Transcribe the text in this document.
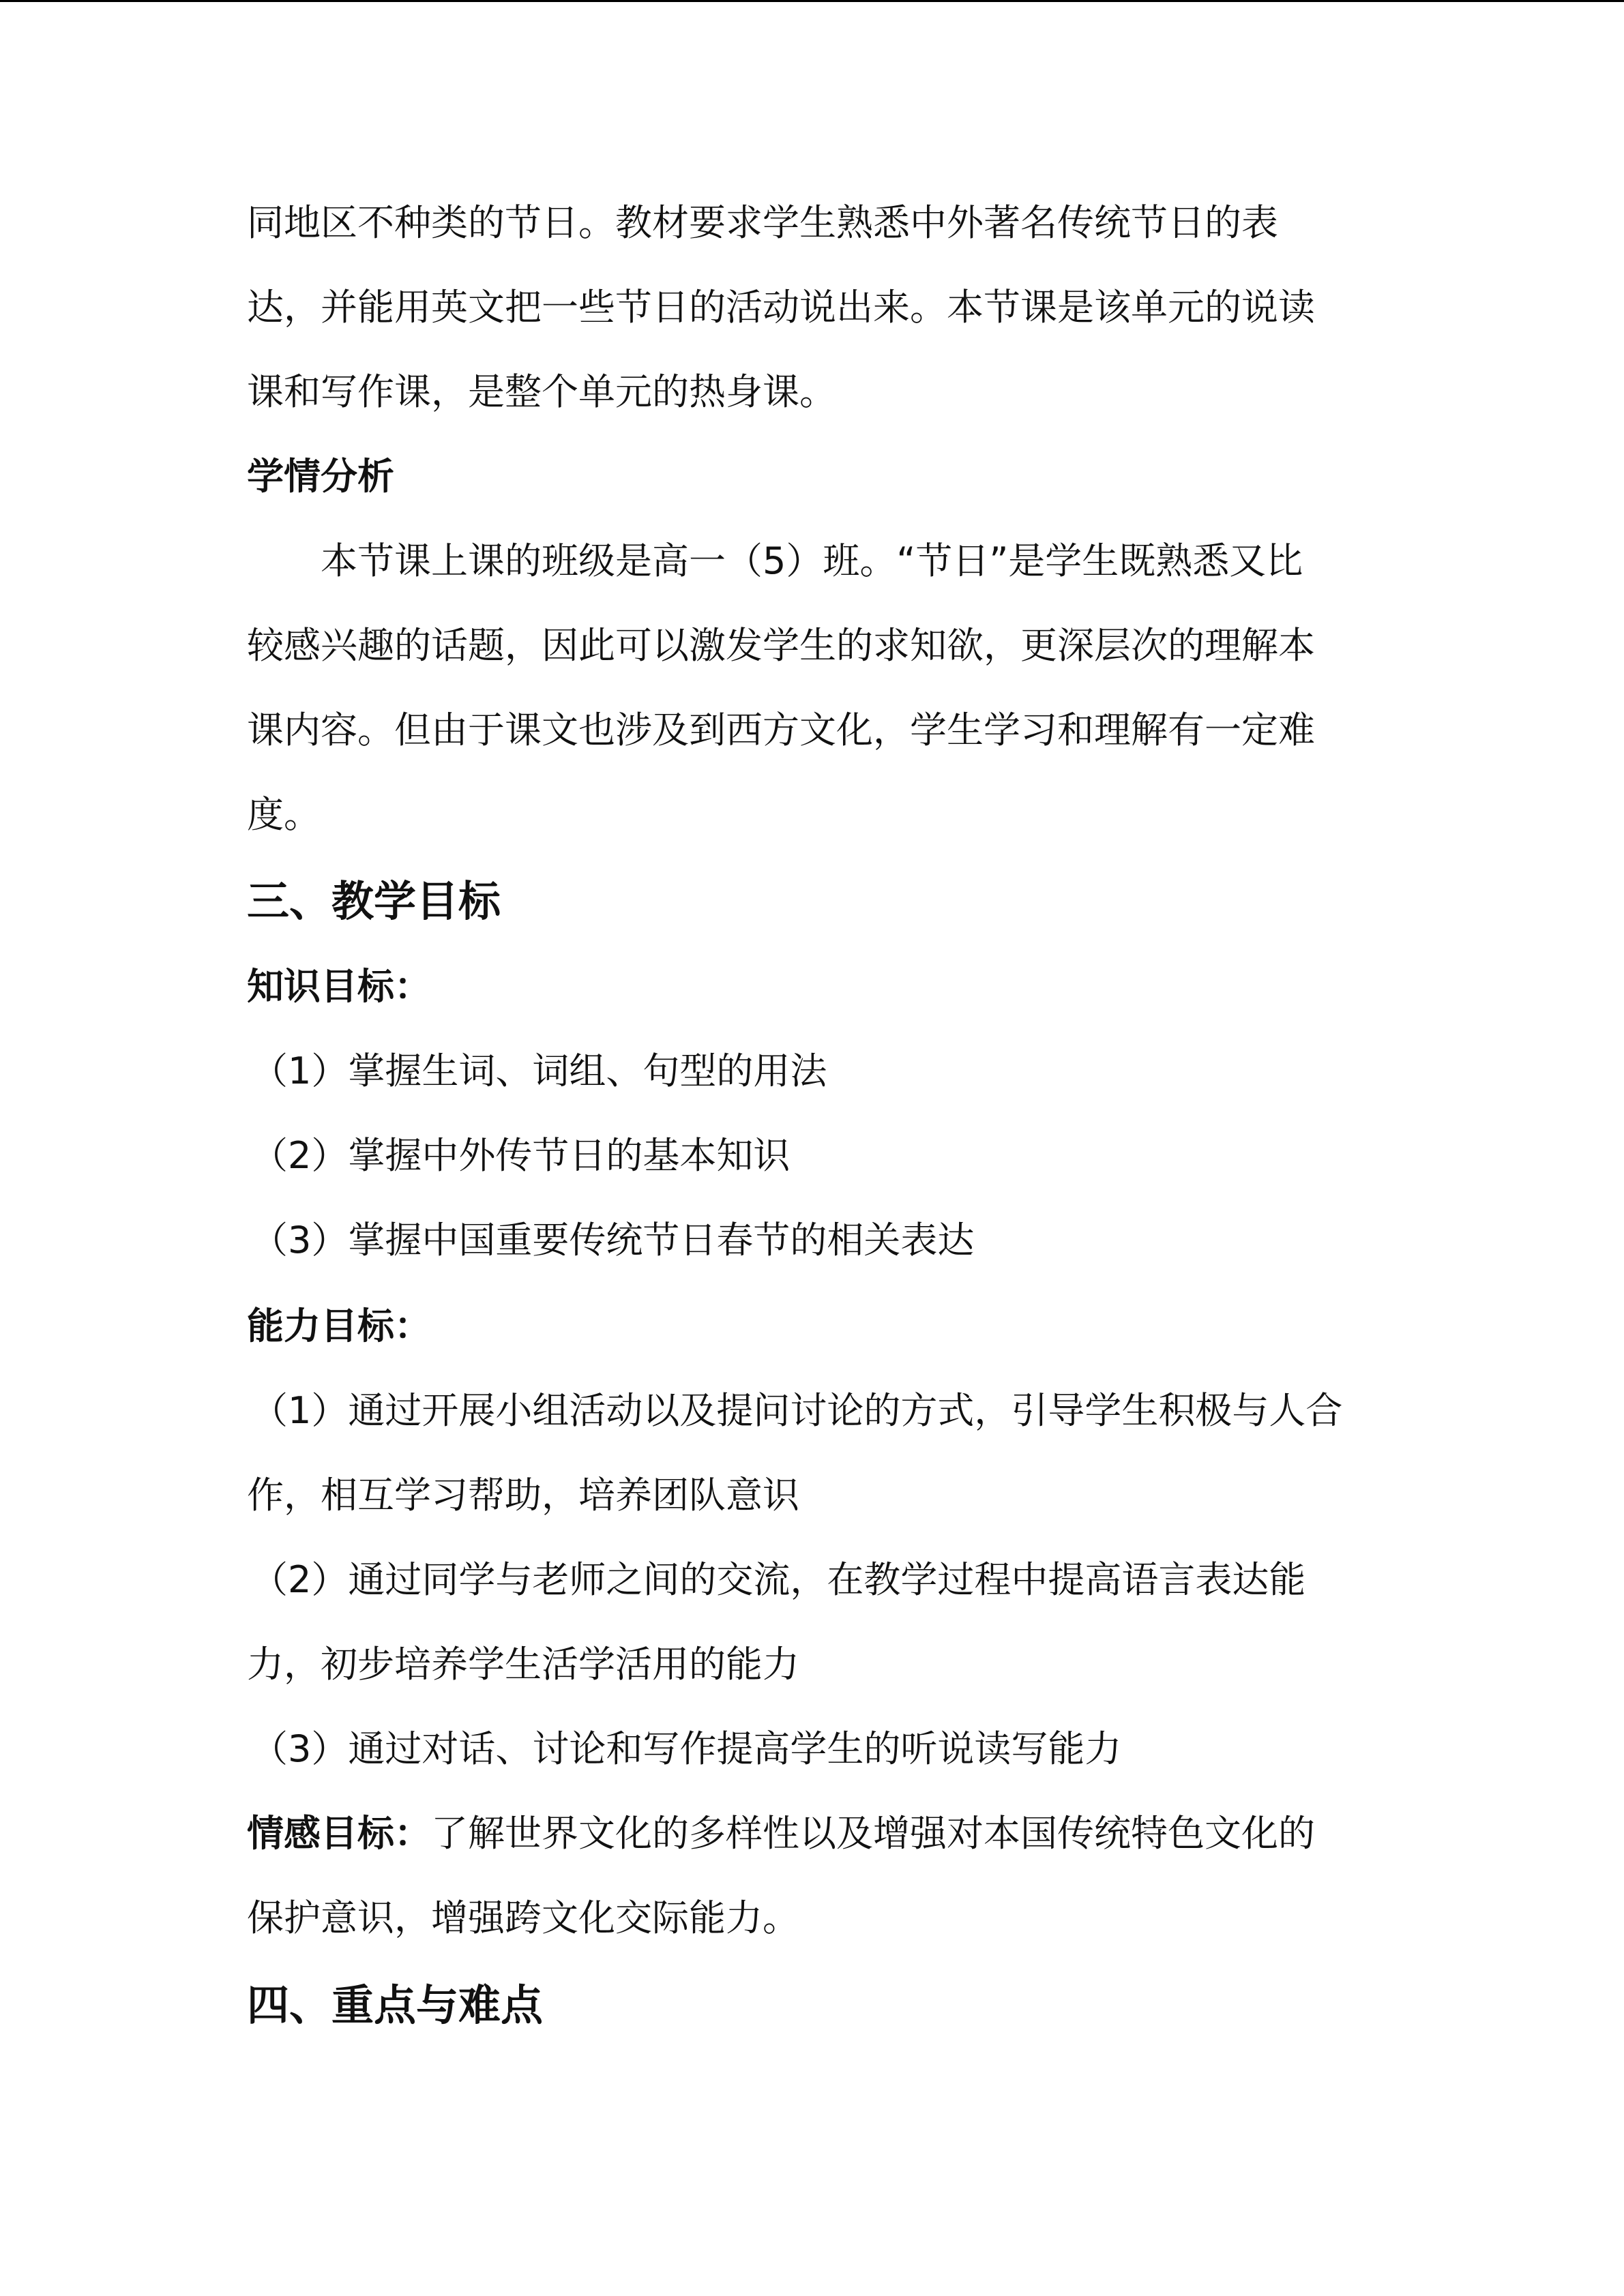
同地区不种类的节日。教材要求学生熟悉中外著名传统节日的表
达，并能用英文把一些节日的活动说出来。本节课是该单元的说读
课和写作课，是整个单元的热身课。
学情分析
本节课上课的班级是高一（5）班。“节日”是学生既熟悉又比
较感兴趣的话题，因此可以激发学生的求知欲，更深层次的理解本
课内容。但由于课文也涉及到西方文化，学生学习和理解有一定难
度。
三、教学目标
知识目标：
（1）掌握生词、词组、句型的用法
（2）掌握中外传节日的基本知识
（3）掌握中国重要传统节日春节的相关表达
能力目标：
（1）通过开展小组活动以及提问讨论的方式，引导学生积极与人合
作，相互学习帮助，培养团队意识
（2）通过同学与老师之间的交流，在教学过程中提高语言表达能
力，初步培养学生活学活用的能力
（3）通过对话、讨论和写作提高学生的听说读写能力
情感目标：了解世界文化的多样性以及增强对本国传统特色文化的
保护意识，增强跨文化交际能力。
四、重点与难点
